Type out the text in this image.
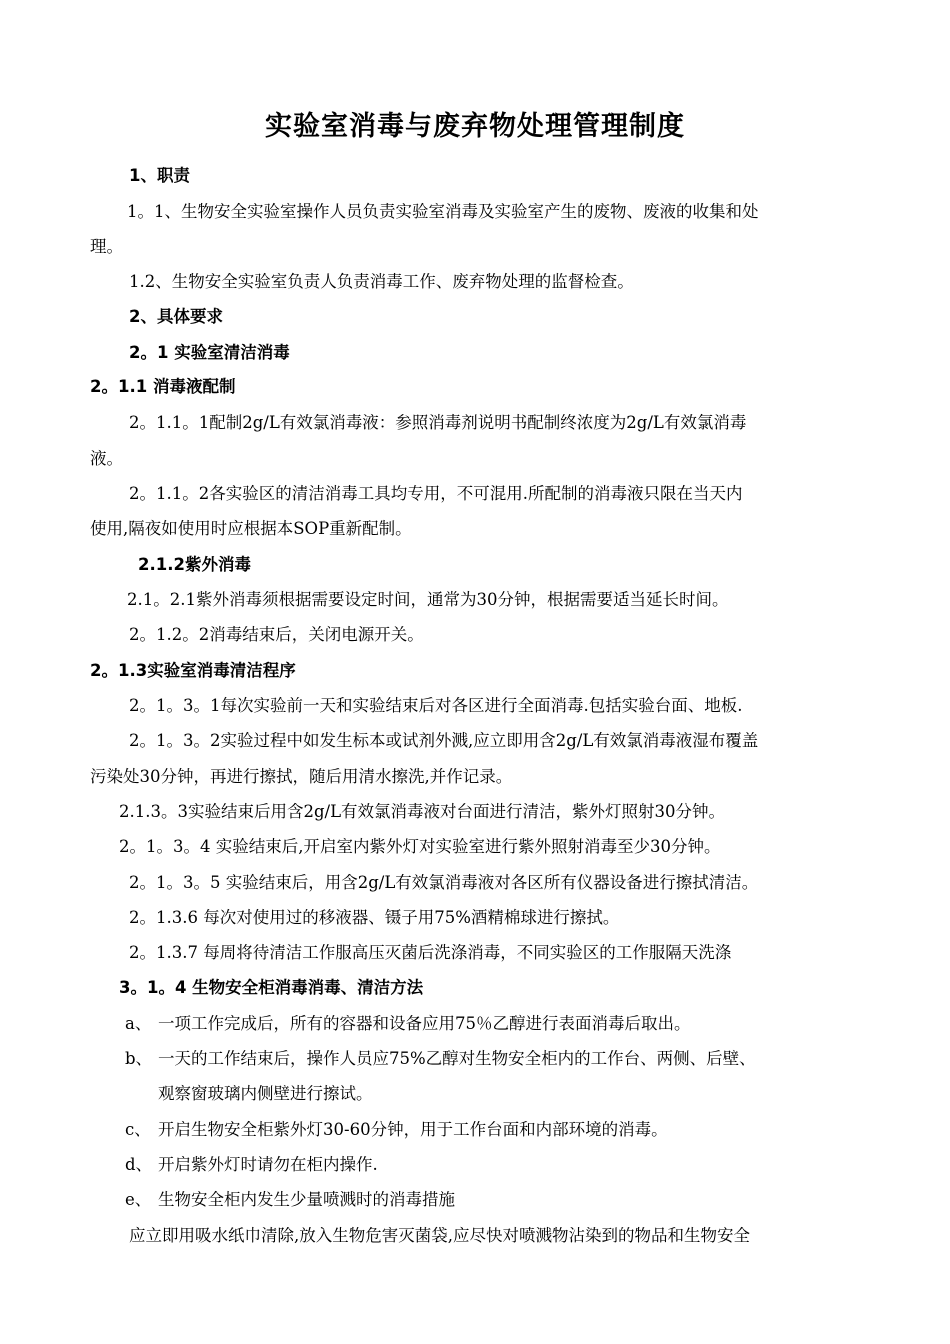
实验室消毒与废弃物处理管理制度
1、职责
1。1、生物安全实验室操作人员负责实验室消毒及实验室产生的废物、废液的收集和处
理。
1.2、生物安全实验室负责人负责消毒工作、废弃物处理的监督检查。
2、具体要求
2。1 实验室清洁消毒
2。1.1 消毒液配制
2。1.1。1配制2g/L有效氯消毒液：参照消毒剂说明书配制终浓度为2g/L有效氯消毒
液。
2。1.1。2各实验区的清洁消毒工具均专用，不可混用.所配制的消毒液只限在当天内
使用,隔夜如使用时应根据本SOP重新配制。
2.1.2紫外消毒
2.1。2.1紫外消毒须根据需要设定时间，通常为30分钟，根据需要适当延长时间。
2。1.2。2消毒结束后，关闭电源开关。
2。1.3实验室消毒清洁程序
2。1。3。1每次实验前一天和实验结束后对各区进行全面消毒.包括实验台面、地板.
2。1。3。2实验过程中如发生标本或试剂外溅,应立即用含2g/L有效氯消毒液湿布覆盖
污染处30分钟，再进行擦拭，随后用清水擦洗,并作记录。
2.1.3。3实验结束后用含2g/L有效氯消毒液对台面进行清洁，紫外灯照射30分钟。
2。1。3。4 实验结束后,开启室内紫外灯对实验室进行紫外照射消毒至少30分钟。
2。1。3。5 实验结束后，用含2g/L有效氯消毒液对各区所有仪器设备进行擦拭清洁。
2。1.3.6 每次对使用过的移液器、镊子用75%酒精棉球进行擦拭。
2。1.3.7 每周将待清洁工作服高压灭菌后洗涤消毒，不同实验区的工作服隔天洗涤
3。1。4 生物安全柜消毒消毒、清洁方法
a、 一项工作完成后，所有的容器和设备应用75％乙醇进行表面消毒后取出。
b、 一天的工作结束后，操作人员应75%乙醇对生物安全柜内的工作台、两侧、后壁、
观察窗玻璃内侧壁进行擦试。
c、 开启生物安全柜紫外灯30-60分钟，用于工作台面和内部环境的消毒。
d、 开启紫外灯时请勿在柜内操作.
e、 生物安全柜内发生少量喷溅时的消毒措施
应立即用吸水纸巾清除,放入生物危害灭菌袋,应尽快对喷溅物沾染到的物品和生物安全
